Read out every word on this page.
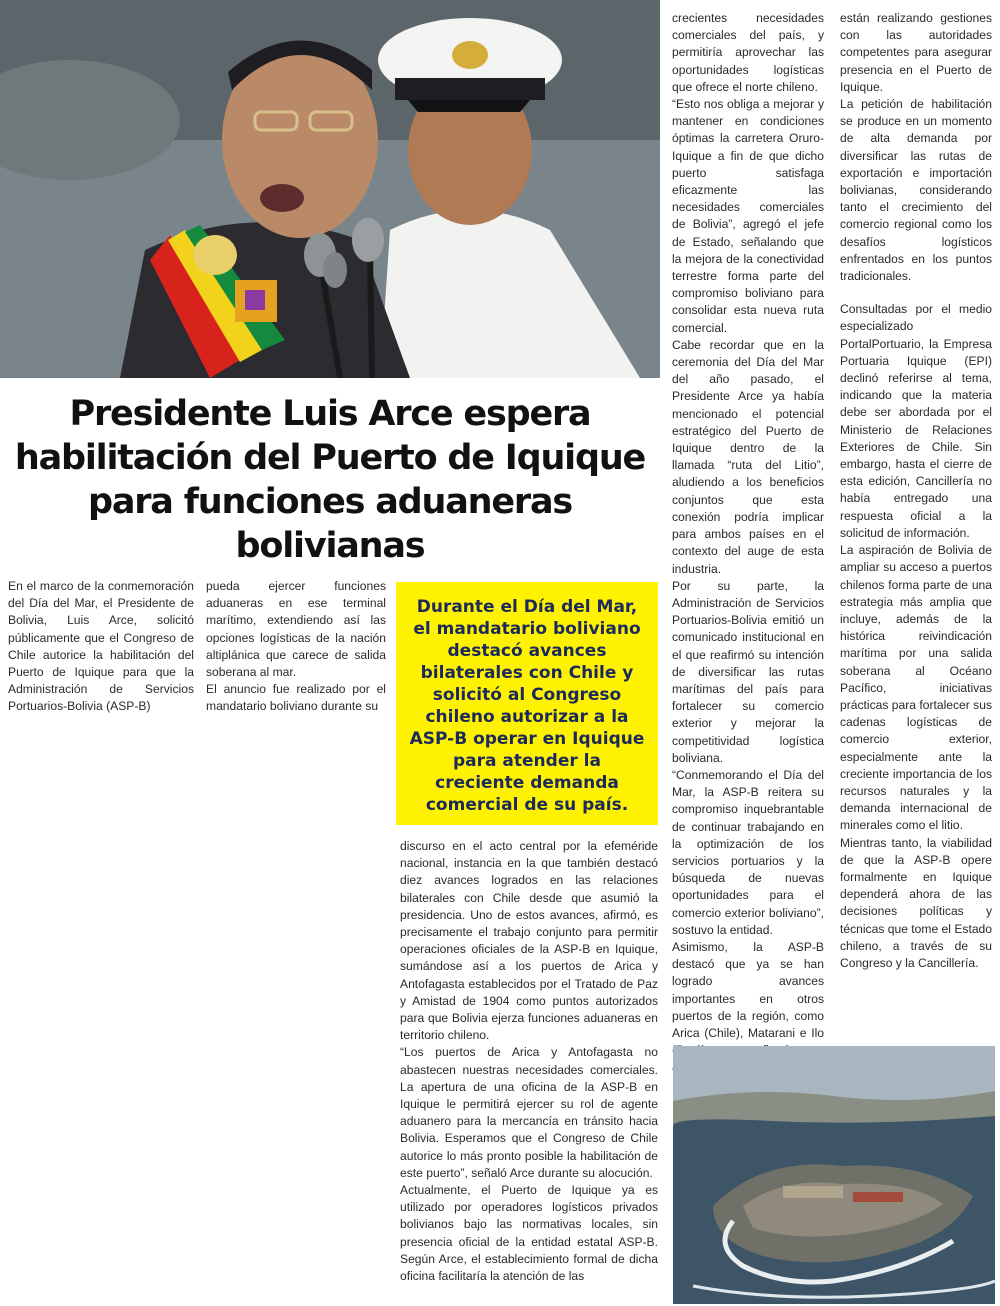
Presidente Luis Arce espera
habilitación del Puerto de Iquique
para funciones aduaneras bolivianas

En el marco de la conmemoración del Día del Mar, el Presidente de Bolivia, Luis Arce, solicitó públicamente que el Congreso de Chile autorice la habilitación del Puerto de Iquique para que la Administración de Servicios Portuarios-Bolivia (ASP-B)

pueda ejercer funciones aduaneras en ese terminal marítimo, extendiendo así las opciones logísticas de la nación altiplánica que carece de salida soberana al mar.

El anuncio fue realizado por el mandatario boliviano durante su

Durante el Día del Mar, el mandatario boliviano destacó avances bilaterales con Chile y solicitó al Congreso chileno autorizar a la ASP-B operar en Iquique para atender la creciente demanda comercial de su país.

discurso en el acto central por la efeméride nacional, instancia en la que también destacó diez avances logrados en las relaciones bilaterales con Chile desde que asumió la presidencia. Uno de estos avances, afirmó, es precisamente el trabajo conjunto para permitir operaciones oficiales de la ASP-B en Iquique, sumándose así a los puertos de Arica y Antofagasta establecidos por el Tratado de Paz y Amistad de 1904 como puntos autorizados para que Bolivia ejerza funciones aduaneras en territorio chileno.

“Los puertos de Arica y Antofagasta no abastecen nuestras necesidades comerciales. La apertura de una oficina de la ASP-B en Iquique le permitirá ejercer su rol de agente aduanero para la mercancía en tránsito hacia Bolivia. Esperamos que el Congreso de Chile autorice lo más pronto posible la habilitación de este puerto”, señaló Arce durante su alocución.

Actualmente, el Puerto de Iquique ya es utilizado por operadores logísticos privados bolivianos bajo las normativas locales, sin presencia oficial de la entidad estatal ASP-B. Según Arce, el establecimiento formal de dicha oficina facilitaría la atención de las

crecientes necesidades comerciales del país, y permitiría aprovechar las oportunidades logísticas que ofrece el norte chileno.

“Esto nos obliga a mejorar y mantener en condiciones óptimas la carretera Oruro-Iquique a fin de que dicho puerto satisfaga eficazmente las necesidades comerciales de Bolivia”, agregó el jefe de Estado, señalando que la mejora de la conectividad terrestre forma parte del compromiso boliviano para consolidar esta nueva ruta comercial.

Cabe recordar que en la ceremonia del Día del Mar del año pasado, el Presidente Arce ya había mencionado el potencial estratégico del Puerto de Iquique dentro de la llamada “ruta del Litio”, aludiendo a los beneficios conjuntos que esta conexión podría implicar para ambos países en el contexto del auge de esta industria.

Por su parte, la Administración de Servicios Portuarios-Bolivia emitió un comunicado institucional en el que reafirmó su intención de diversificar las rutas marítimas del país para fortalecer su comercio exterior y mejorar la competitividad logística boliviana.

“Conmemorando el Día del Mar, la ASP-B reitera su compromiso inquebrantable de continuar trabajando en la optimización de los servicios portuarios y la búsqueda de nuevas oportunidades para el comercio exterior boliviano”, sostuvo la entidad.

Asimismo, la ASP-B destacó que ya se han logrado avances importantes en otros puertos de la región, como Arica (Chile), Matarani e Ilo

están realizando gestiones con las autoridades competentes para asegurar presencia en el Puerto de Iquique.

La petición de habilitación se produce en un momento de alta demanda por diversificar las rutas de exportación e importación bolivianas, considerando tanto el crecimiento del comercio regional como los desafíos logísticos enfrentados en los puntos tradicionales.

Consultadas por el medio especializado PortalPortuario, la Empresa Portuaria Iquique (EPI) declinó referirse al tema, indicando que la materia debe ser abordada por el Ministerio de Relaciones Exteriores de Chile. Sin embargo, hasta el cierre de esta edición, Cancillería no había entregado una respuesta oficial a la solicitud de información.

La aspiración de Bolivia de ampliar su acceso a puertos chilenos forma parte de una estrategia más amplia que incluye, además de la histórica reivindicación marítima por una salida soberana al Océano Pacífico, iniciativas prácticas para fortalecer sus cadenas logísticas de comercio exterior, especialmente ante la creciente importancia de los recursos naturales y la demanda internacional de minerales como el litio.

Mientras tanto, la viabilidad de que la ASP-B opere formalmente en Iquique dependerá ahora de las decisiones políticas y técnicas que tome el Estado chileno, a través de su Congreso y la Cancillería.
